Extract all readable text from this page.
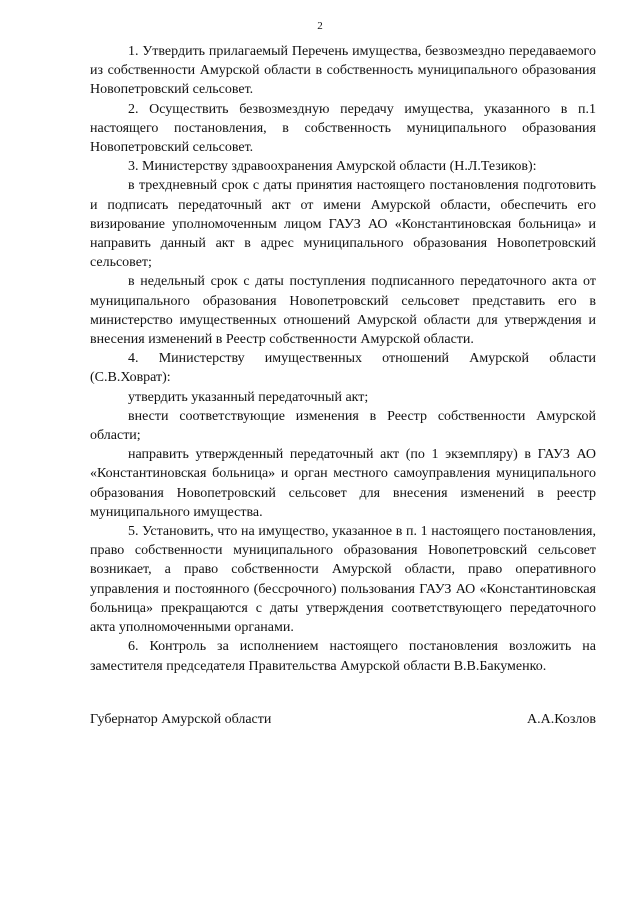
2

1. Утвердить прилагаемый Перечень имущества, безвозмездно передаваемого из собственности Амурской области в собственность муниципального образования Новопетровский сельсовет.

2. Осуществить безвозмездную передачу имущества, указанного в п.1 настоящего постановления, в собственность муниципального образования Новопетровский сельсовет.

3. Министерству здравоохранения Амурской области (Н.Л.Тезиков):

в трехдневный срок с даты принятия настоящего постановления подготовить и подписать передаточный акт от имени Амурской области, обеспечить его визирование уполномоченным лицом ГАУЗ АО «Константиновская больница» и направить данный акт в адрес муниципального образования Новопетровский сельсовет;

в недельный срок с даты поступления подписанного передаточного акта от муниципального образования Новопетровский сельсовет представить его в министерство имущественных отношений Амурской области для утверждения и внесения изменений в Реестр собственности Амурской области.

4. Министерству имущественных отношений Амурской области (С.В.Ховрат):

утвердить указанный передаточный акт;

внести соответствующие изменения в Реестр собственности Амурской области;

направить утвержденный передаточный акт (по 1 экземпляру) в ГАУЗ АО «Константиновская больница» и орган местного самоуправления муниципального образования Новопетровский сельсовет для внесения изменений в реестр муниципального имущества.

5. Установить, что на имущество, указанное в п. 1 настоящего постановления, право собственности муниципального образования Новопетровский сельсовет возникает, а право собственности Амурской области, право оперативного управления и постоянного (бессрочного) пользования ГАУЗ АО «Константиновская больница» прекращаются с даты утверждения соответствующего передаточного акта уполномоченными органами.

6. Контроль за исполнением настоящего постановления возложить на заместителя председателя Правительства Амурской области В.В.Бакуменко.

Губернатор Амурской области	А.А.Козлов
